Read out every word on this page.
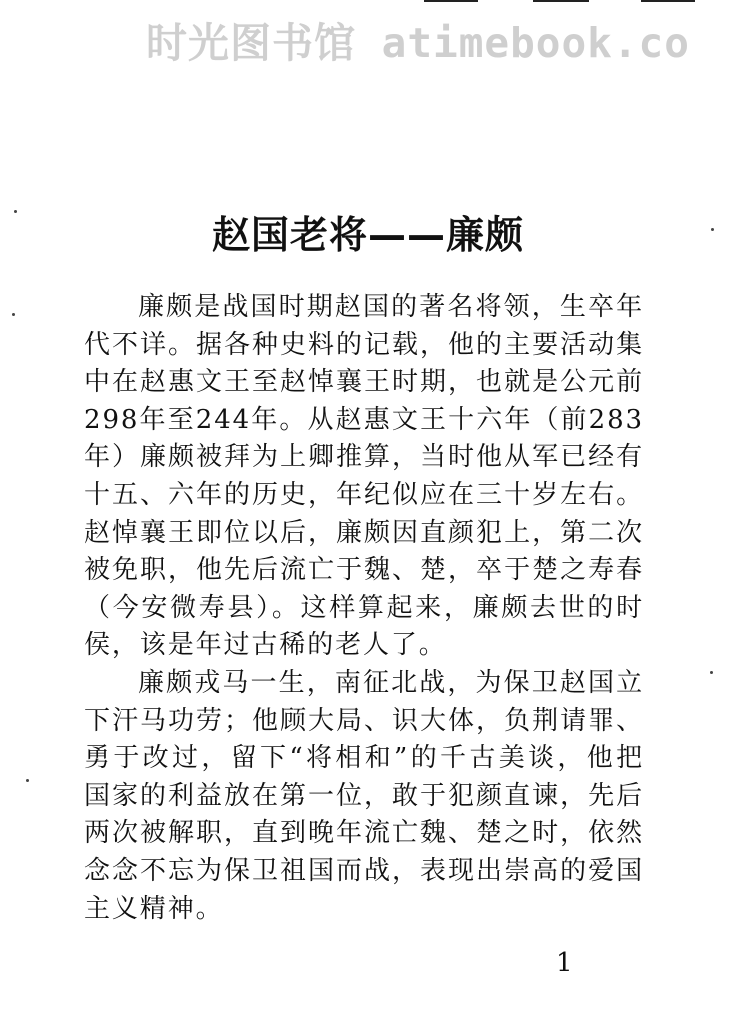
时光图书馆 atimebook.co
赵国老将——廉颇

廉颇是战国时期赵国的著名将领，生卒年代不详。据各种史料的记载，他的主要活动集中在赵惠文王至赵悼襄王时期，也就是公元前298年至244年。从赵惠文王十六年（前283年）廉颇被拜为上卿推算，当时他从军已经有十五、六年的历史，年纪似应在三十岁左右。赵悼襄王即位以后，廉颇因直颜犯上，第二次被免职，他先后流亡于魏、楚，卒于楚之寿春（今安微寿县）。这样算起来，廉颇去世的时侯，该是年过古稀的老人了。

廉颇戎马一生，南征北战，为保卫赵国立下汗马功劳；他顾大局、识大体，负荆请罪、勇于改过，留下“将相和”的千古美谈，他把国家的利益放在第一位，敢于犯颜直谏，先后两次被解职，直到晚年流亡魏、楚之时，依然念念不忘为保卫祖国而战，表现出崇高的爱国主义精神。

1
